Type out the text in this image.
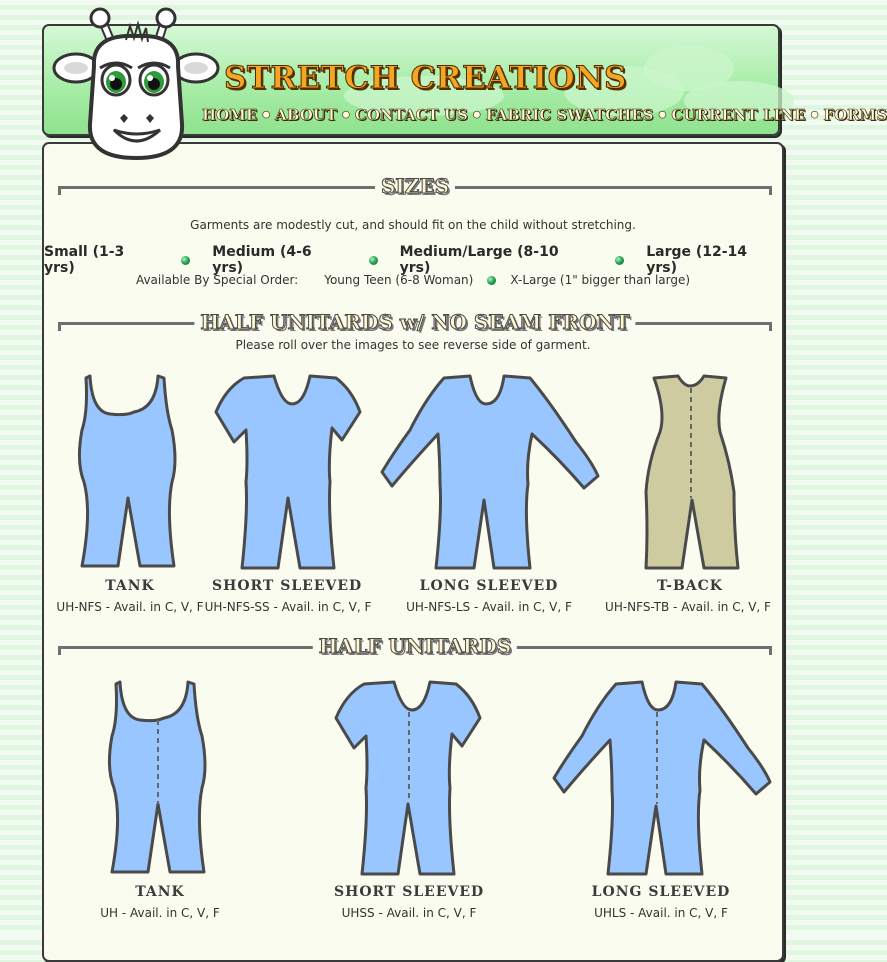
STRETCH CREATIONS
HOME ● ABOUT ● CONTACT US ● FABRIC SWATCHES ● CURRENT LINE ● FORMS
SIZES
Garments are modestly cut, and should fit on the child without stretching.
Small (1-3 yrs)
Medium (4-6 yrs)
Medium/Large (8-10 yrs)
Large (12-14 yrs)
Available By Special Order: Young Teen (6-8 Woman)	X-Large (1" bigger than large)
HALF UNITARDS w/ NO SEAM FRONT
Please roll over the images to see reverse side of garment.
TANK
UH-NFS - Avail. in C, V, F
SHORT SLEEVED
UH-NFS-SS - Avail. in C, V, F
LONG SLEEVED
UH-NFS-LS - Avail. in C, V, F
T-BACK
UH-NFS-TB - Avail. in C, V, F
HALF UNITARDS
TANK
UH - Avail. in C, V, F
SHORT SLEEVED
UHSS - Avail. in C, V, F
LONG SLEEVED
UHLS - Avail. in C, V, F
